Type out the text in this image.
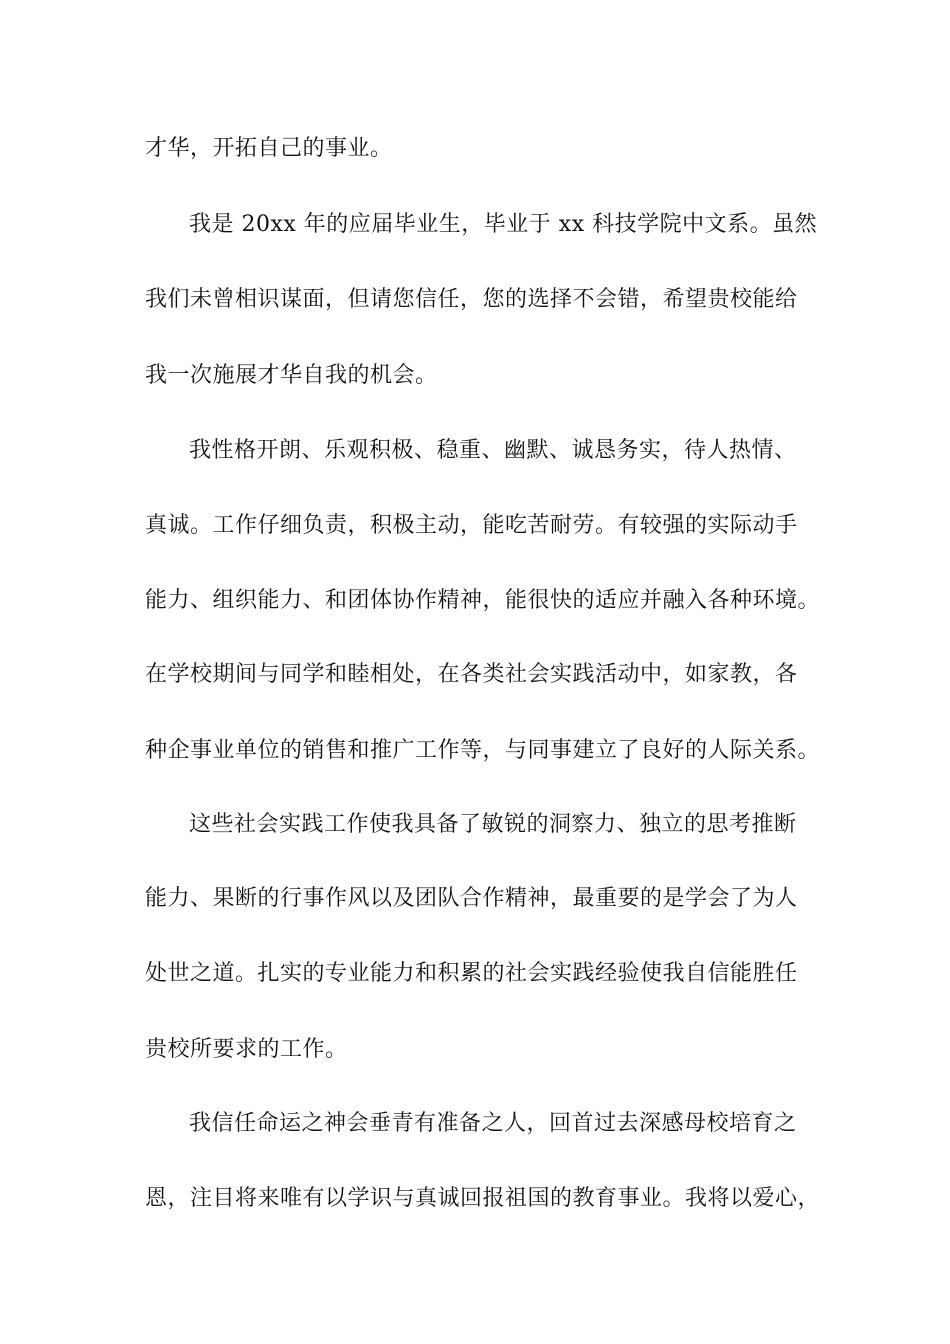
才华，开拓自己的事业。
我是 20xx 年的应届毕业生，毕业于 xx 科技学院中文系。虽然
我们未曾相识谋面，但请您信任，您的选择不会错，希望贵校能给
我一次施展才华自我的机会。
我性格开朗、乐观积极、稳重、幽默、诚恳务实，待人热情、
真诚。工作仔细负责，积极主动，能吃苦耐劳。有较强的实际动手
能力、组织能力、和团体协作精神，能很快的适应并融入各种环境。
在学校期间与同学和睦相处，在各类社会实践活动中，如家教，各
种企事业单位的销售和推广工作等，与同事建立了良好的人际关系。
这些社会实践工作使我具备了敏锐的洞察力、独立的思考推断
能力、果断的行事作风以及团队合作精神，最重要的是学会了为人
处世之道。扎实的专业能力和积累的社会实践经验使我自信能胜任
贵校所要求的工作。
我信任命运之神会垂青有准备之人，回首过去深感母校培育之
恩，注目将来唯有以学识与真诚回报祖国的教育事业。我将以爱心，
